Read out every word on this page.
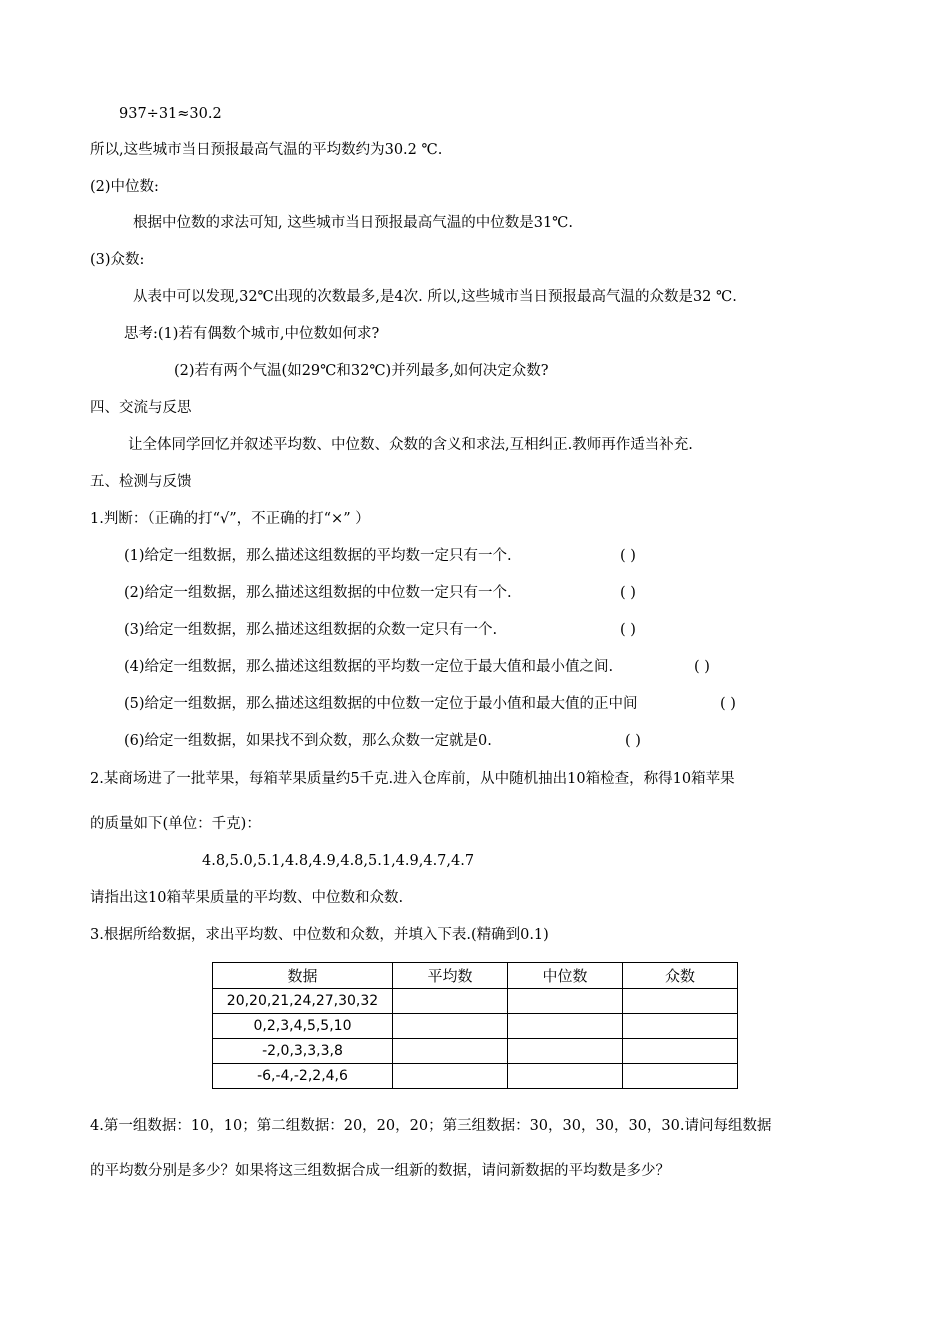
937÷31≈30.2
所以,这些城市当日预报最高气温的平均数约为30.2 ℃.
(2)中位数:
根据中位数的求法可知, 这些城市当日预报最高气温的中位数是31℃.
(3)众数:
从表中可以发现,32℃出现的次数最多,是4次. 所以,这些城市当日预报最高气温的众数是32 ℃.
思考:(1)若有偶数个城市,中位数如何求?
(2)若有两个气温(如29℃和32℃)并列最多,如何决定众数?
四、交流与反思
让全体同学回忆并叙述平均数、中位数、众数的含义和求法,互相纠正.教师再作适当补充.
五、检测与反馈
1.判断：（正确的打“√”，不正确的打“×” ）
(1)给定一组数据，那么描述这组数据的平均数一定只有一个.	( )
(2)给定一组数据，那么描述这组数据的中位数一定只有一个.	( )
(3)给定一组数据，那么描述这组数据的众数一定只有一个.	( )
(4)给定一组数据，那么描述这组数据的平均数一定位于最大值和最小值之间.	( )
(5)给定一组数据，那么描述这组数据的中位数一定位于最小值和最大值的正中间	( )
(6)给定一组数据，如果找不到众数，那么众数一定就是0.	( )
2.某商场进了一批苹果，每箱苹果质量约5千克.进入仓库前，从中随机抽出10箱检查，称得10箱苹果
的质量如下(单位：千克)：
4.8,5.0,5.1,4.8,4.9,4.8,5.1,4.9,4.7,4.7
请指出这10箱苹果质量的平均数、中位数和众数.
3.根据所给数据，求出平均数、中位数和众数，并填入下表.(精确到0.1)
数据	平均数	中位数	众数
20,20,21,24,27,30,32			
0,2,3,4,5,5,10			
-2,0,3,3,3,8			
-6,-4,-2,2,4,6			
4.第一组数据：10，10；第二组数据：20，20，20；第三组数据：30，30，30，30，30.请问每组数据
的平均数分别是多少？如果将这三组数据合成一组新的数据，请问新数据的平均数是多少？
